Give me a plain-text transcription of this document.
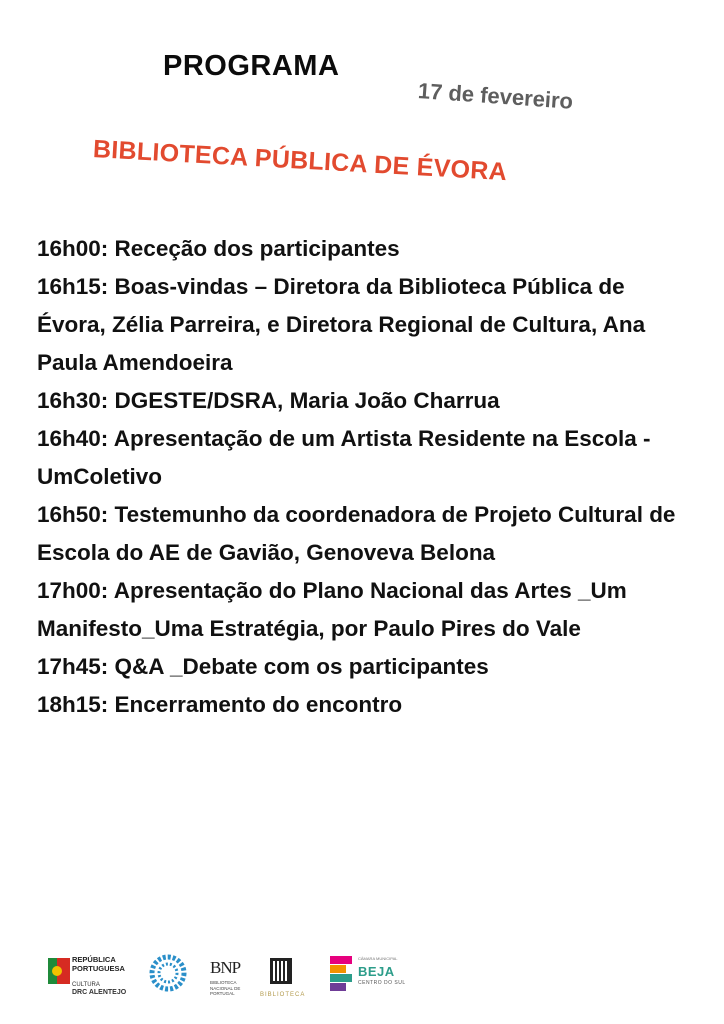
PROGRAMA
17 de fevereiro
BIBLIOTECA PÚBLICA DE ÉVORA

16h00: Receção dos participantes

16h15: Boas-vindas – Diretora da Biblioteca Pública de Évora, Zélia Parreira, e Diretora Regional de Cultura, Ana Paula Amendoeira

16h30: DGESTE/DSRA, Maria João Charrua

16h40: Apresentação de um Artista Residente na Escola - UmColetivo

16h50: Testemunho da coordenadora de Projeto Cultural de Escola do AE de Gavião, Genoveva Belona

17h00: Apresentação do Plano Nacional das Artes _Um Manifesto_Uma Estratégia, por Paulo Pires do Vale

17h45: Q&A _Debate com os participantes

18h15: Encerramento do encontro

REPÚBLICA
PORTUGUESA
CULTURA
DRC ALENTEJO
BNP
BIBLIOTECA NACIONAL DE PORTUGAL	BIBLIOTECA
CÂMARA MUNICIPAL
BEJA
CENTRO DO SUL
